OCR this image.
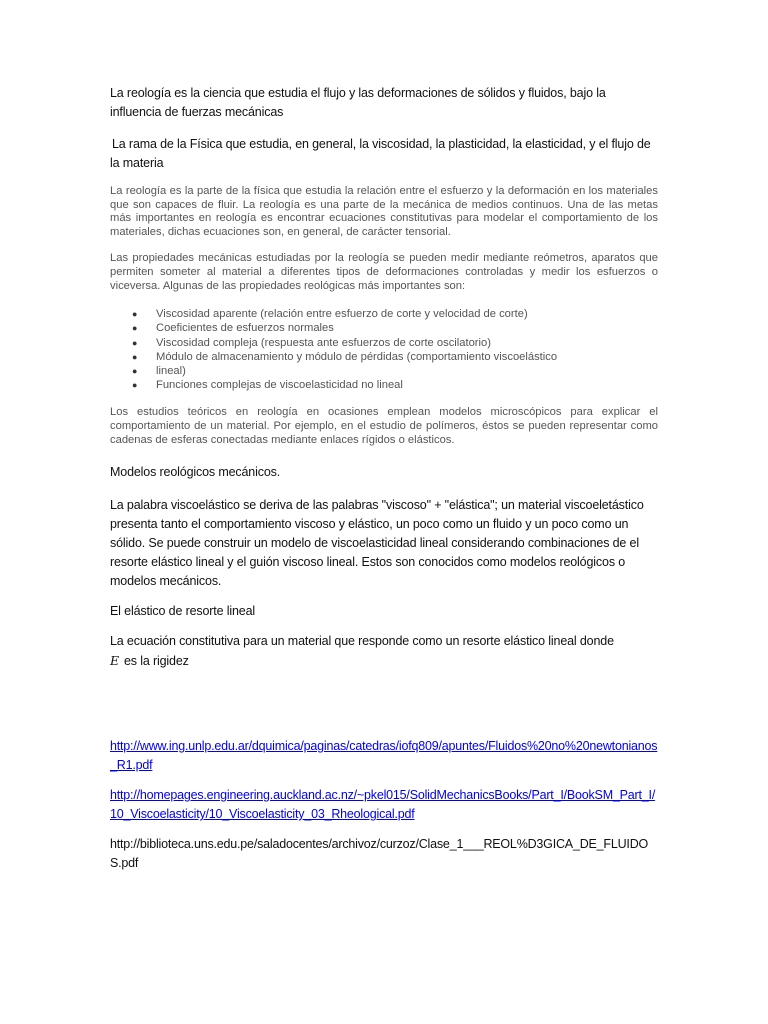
La reología es la ciencia que estudia el flujo y las deformaciones de sólidos y fluidos, bajo la influencia de fuerzas mecánicas

La rama de la Física que estudia, en general, la viscosidad, la plasticidad, la elasticidad, y el flujo de la materia

La reología es la parte de la física que estudia la relación entre el esfuerzo y la deformación en los materiales que son capaces de fluir. La reología es una parte de la mecánica de medios continuos. Una de las metas más importantes en reología es encontrar ecuaciones constitutivas para modelar el comportamiento de los materiales, dichas ecuaciones son, en general, de carácter tensorial.

Las propiedades mecánicas estudiadas por la reología se pueden medir mediante reómetros, aparatos que permiten someter al material a diferentes tipos de deformaciones controladas y medir los esfuerzos o viceversa. Algunas de las propiedades reológicas más importantes son:

● Viscosidad aparente (relación entre esfuerzo de corte y velocidad de corte)
● Coeficientes de esfuerzos normales
● Viscosidad compleja (respuesta ante esfuerzos de corte oscilatorio)
● Módulo de almacenamiento y módulo de pérdidas (comportamiento viscoelástico
● lineal)
● Funciones complejas de viscoelasticidad no lineal

Los estudios teóricos en reología en ocasiones emplean modelos microscópicos para explicar el comportamiento de un material. Por ejemplo, en el estudio de polímeros, éstos se pueden representar como cadenas de esferas conectadas mediante enlaces rígidos o elásticos.

Modelos reológicos mecánicos.

La palabra viscoelástico se deriva de las palabras "viscoso" + "elástica"; un material viscoeletástico presenta tanto el comportamiento viscoso y elástico, un poco como un fluido y un poco como un sólido. Se puede construir un modelo de viscoelasticidad lineal considerando combinaciones de el resorte elástico lineal y el guión viscoso lineal. Estos son conocidos como modelos reológicos o modelos mecánicos.

El elástico de resorte lineal

La ecuación constitutiva para un material que responde como un resorte elástico lineal donde
E es la rigidez

http://www.ing.unlp.edu.ar/dquimica/paginas/catedras/iofq809/apuntes/Fluidos%20no%20newtonianos_R1.pdf

http://homepages.engineering.auckland.ac.nz/~pkel015/SolidMechanicsBooks/Part_I/BookSM_Part_I/10_Viscoelasticity/10_Viscoelasticity_03_Rheological.pdf

http://biblioteca.uns.edu.pe/saladocentes/archivoz/curzoz/Clase_1___REOL%D3GICA_DE_FLUIDOS.pdf
